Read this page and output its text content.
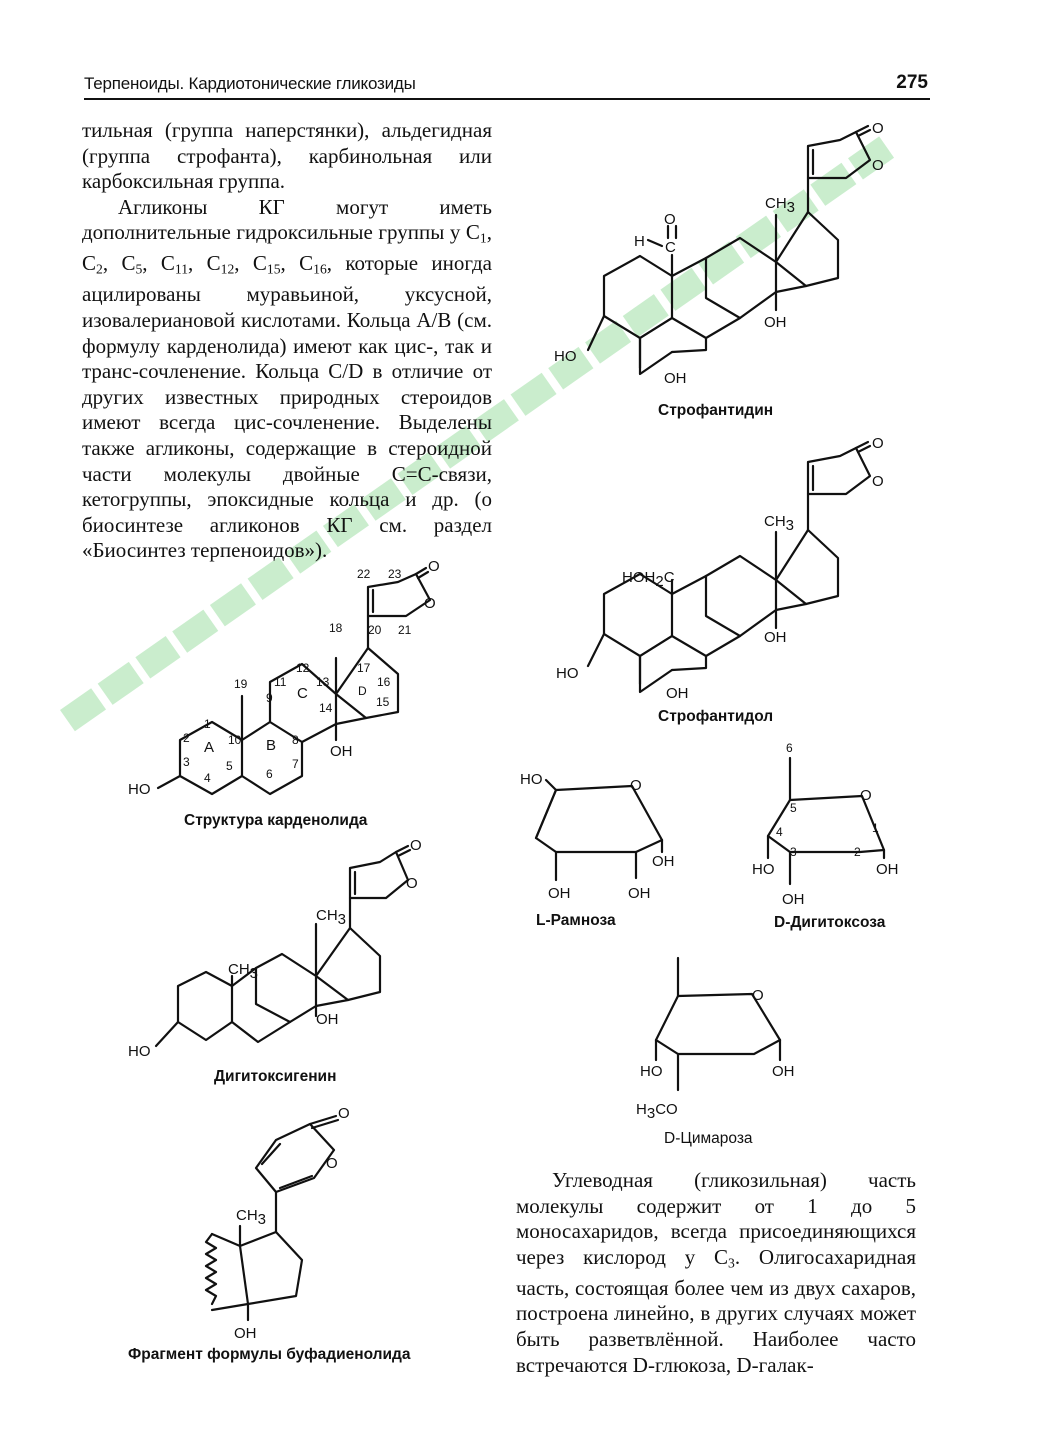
Терпеноиды. Кардиотонические гликозиды	275

тильная (группа наперстянки), альдегидная (группа строфанта), карбинольная или карбоксильная группа.

Агликоны КГ могут иметь дополнительные гидроксильные группы у $C_1$, $C_2$, $C_5$, $C_{11}$, $C_{12}$, $C_{15}$, $C_{16}$, которые иногда ацилированы муравьиной, уксусной, изовалериановой кислотами. Кольца A/B (см. формулу карденолида) имеют как цис-, так и транс-сочленение. Кольца C/D в отличие от других известных природных стероидов имеют всегда цис-сочленение. Выделены также агликоны, содержащие в стероидной части молекулы двойные C=C-связи, кетогруппы, эпоксидные кольца и др. (о биосинтезе агликонов КГ см. раздел «Биосинтез терпеноидов»).

Углеводная (гликозильная) часть молекулы содержит от 1 до 5 моносахаридов, всегда присоединяющихся через кислород у $C_3$. Олигосахаридная часть, состоящая более чем из двух сахаров, построена линейно, в других случаях может быть разветвлённой. Наиболее часто встречаются D-глюкоза, D-галак-

O
O
CH3
OH
HO
OH
C
O
H
O
O
CH3
OH
HO
OH
HOH2C
O
O
22 23
20 21
17
16
15
D
18
13
12
11
14
C
OH
9
8
7
6
B
19
10
5
4
3
2
1
A
HO
HO	O
OH	OH
OH
6
5
4
3	2
1
O
HO
OH
OH
O
O
CH3
OH
CH3
HO
O
HO
H3CO
OH
O
O
CH3
OH
Строфантидин
Строфантидол
Структура карденолида
L-Рамноза	D-Дигитоксоза
Дигитоксигенин
D-Цимароза
Фрагмент формулы буфадиенолида
